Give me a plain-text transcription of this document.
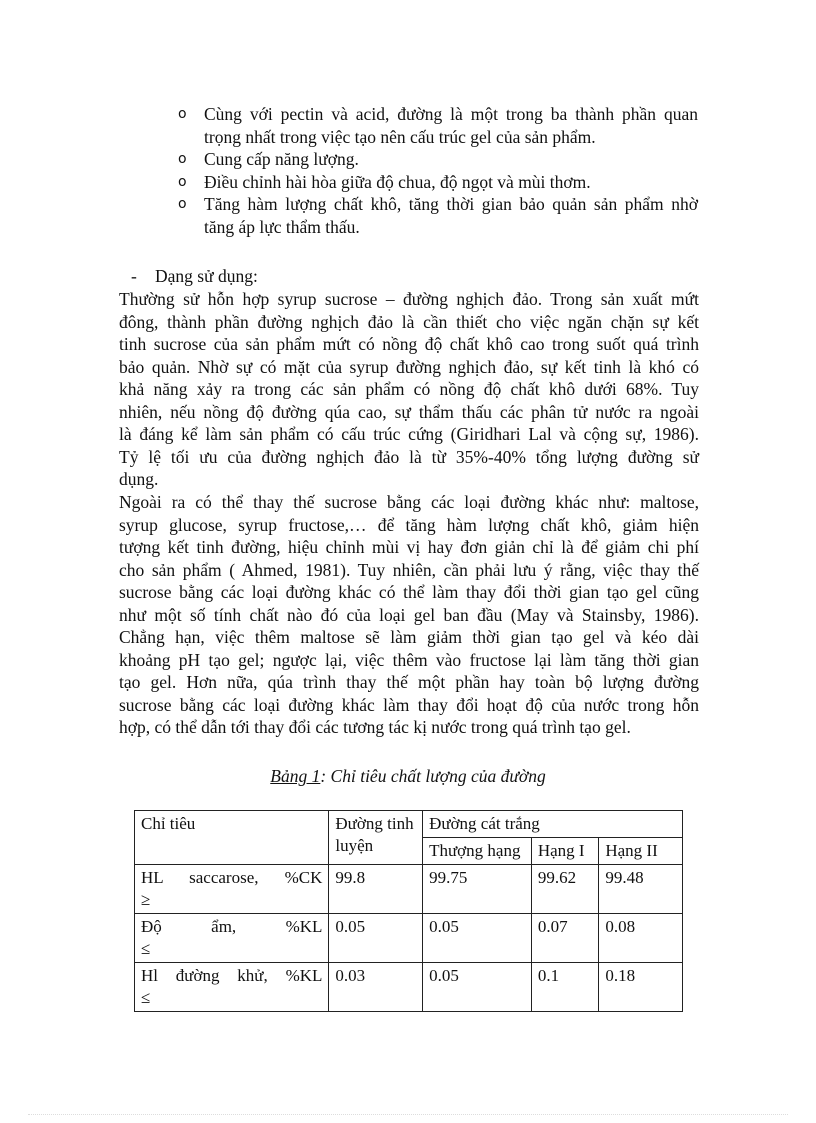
o Cùng với pectin và acid, đường là một trong ba thành phần quan
trọng nhất trong việc tạo nên cấu trúc gel của sản phẩm.
o Cung cấp năng lượng.
o Điều chỉnh hài hòa giữa độ chua, độ ngọt và mùi thơm.
o Tăng hàm lượng chất khô, tăng thời gian bảo quản sản phẩm nhờ
tăng áp lực thẩm thấu.
- Dạng sử dụng:
Thường sử hỗn hợp syrup sucrose – đường nghịch đảo. Trong sản xuất mứt
đông, thành phần đường nghịch đảo là cần thiết cho việc ngăn chặn sự kết
tinh sucrose của sản phẩm mứt có nồng độ chất khô cao trong suốt quá trình
bảo quản. Nhờ sự có mặt của syrup đường nghịch đảo, sự kết tinh là khó có
khả năng xảy ra trong các sản phẩm có nồng độ chất khô dưới 68%. Tuy
nhiên, nếu nồng độ đường qúa cao, sự thẩm thấu các phân tử nước ra ngoài
là đáng kể làm sản phẩm có cấu trúc cứng (Giridhari Lal và cộng sự, 1986).
Tỷ lệ tối ưu của đường nghịch đảo là từ 35%-40% tổng lượng đường sử
dụng.
Ngoài ra có thể thay thế sucrose bằng các loại đường khác như: maltose,
syrup glucose, syrup fructose,… để tăng hàm lượng chất khô, giảm hiện
tượng kết tinh đường, hiệu chỉnh mùi vị hay đơn giản chỉ là để giảm chi phí
cho sản phẩm ( Ahmed, 1981). Tuy nhiên, cần phải lưu ý rằng, việc thay thế
sucrose bằng các loại đường khác có thể làm thay đổi thời gian tạo gel cũng
như một số tính chất nào đó của loại gel ban đầu (May và Stainsby, 1986).
Chẳng hạn, việc thêm maltose sẽ làm giảm thời gian tạo gel và kéo dài
khoảng pH tạo gel; ngược lại, việc thêm vào fructose lại làm tăng thời gian
tạo gel. Hơn nữa, qúa trình thay thế một phần hay toàn bộ lượng đường
sucrose bằng các loại đường khác làm thay đổi hoạt độ của nước trong hỗn
hợp, có thể dẫn tới thay đổi các tương tác kị nước trong quá trình tạo gel.
Bảng 1: Chỉ tiêu chất lượng của đường
Chỉ tiêu	Đường tinh luyện	Đường cát trắng		
		Thượng hạng	Hạng I	Hạng II

HL saccarose, %CK
≥	99.8	99.75	99.62	99.48

Độ ẩm, %KL
≤	0.05	0.05	0.07	0.08

Hl đường khử, %KL
≤	0.03	0.05	0.1	0.18
